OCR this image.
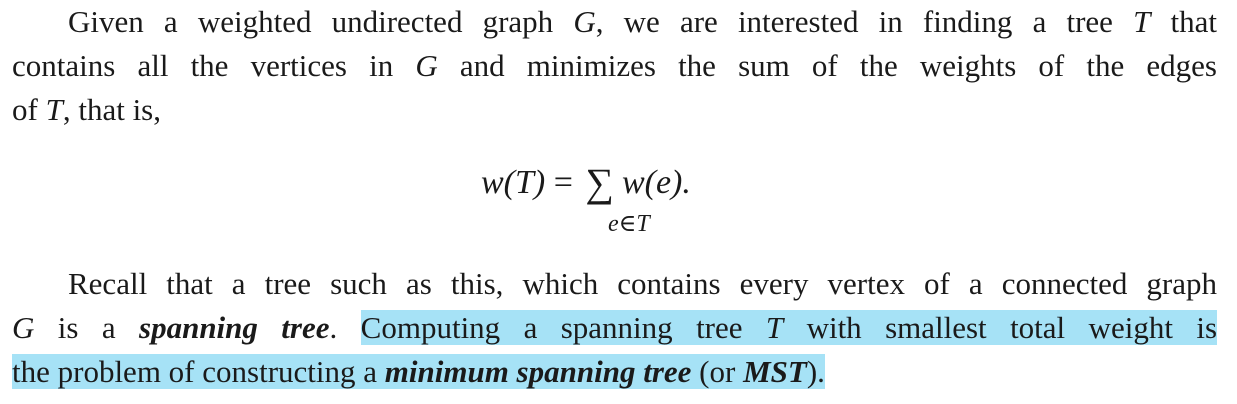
Given a weighted undirected graph G, we are interested in finding a tree T that
contains all the vertices in G and minimizes the sum of the weights of the edges
of T, that is,
w(T) = ∑ w(e).
e∈T
Recall that a tree such as this, which contains every vertex of a connected graph
G is a spanning tree. Computing a spanning tree T with smallest total weight is
the problem of constructing a minimum spanning tree (or MST).
